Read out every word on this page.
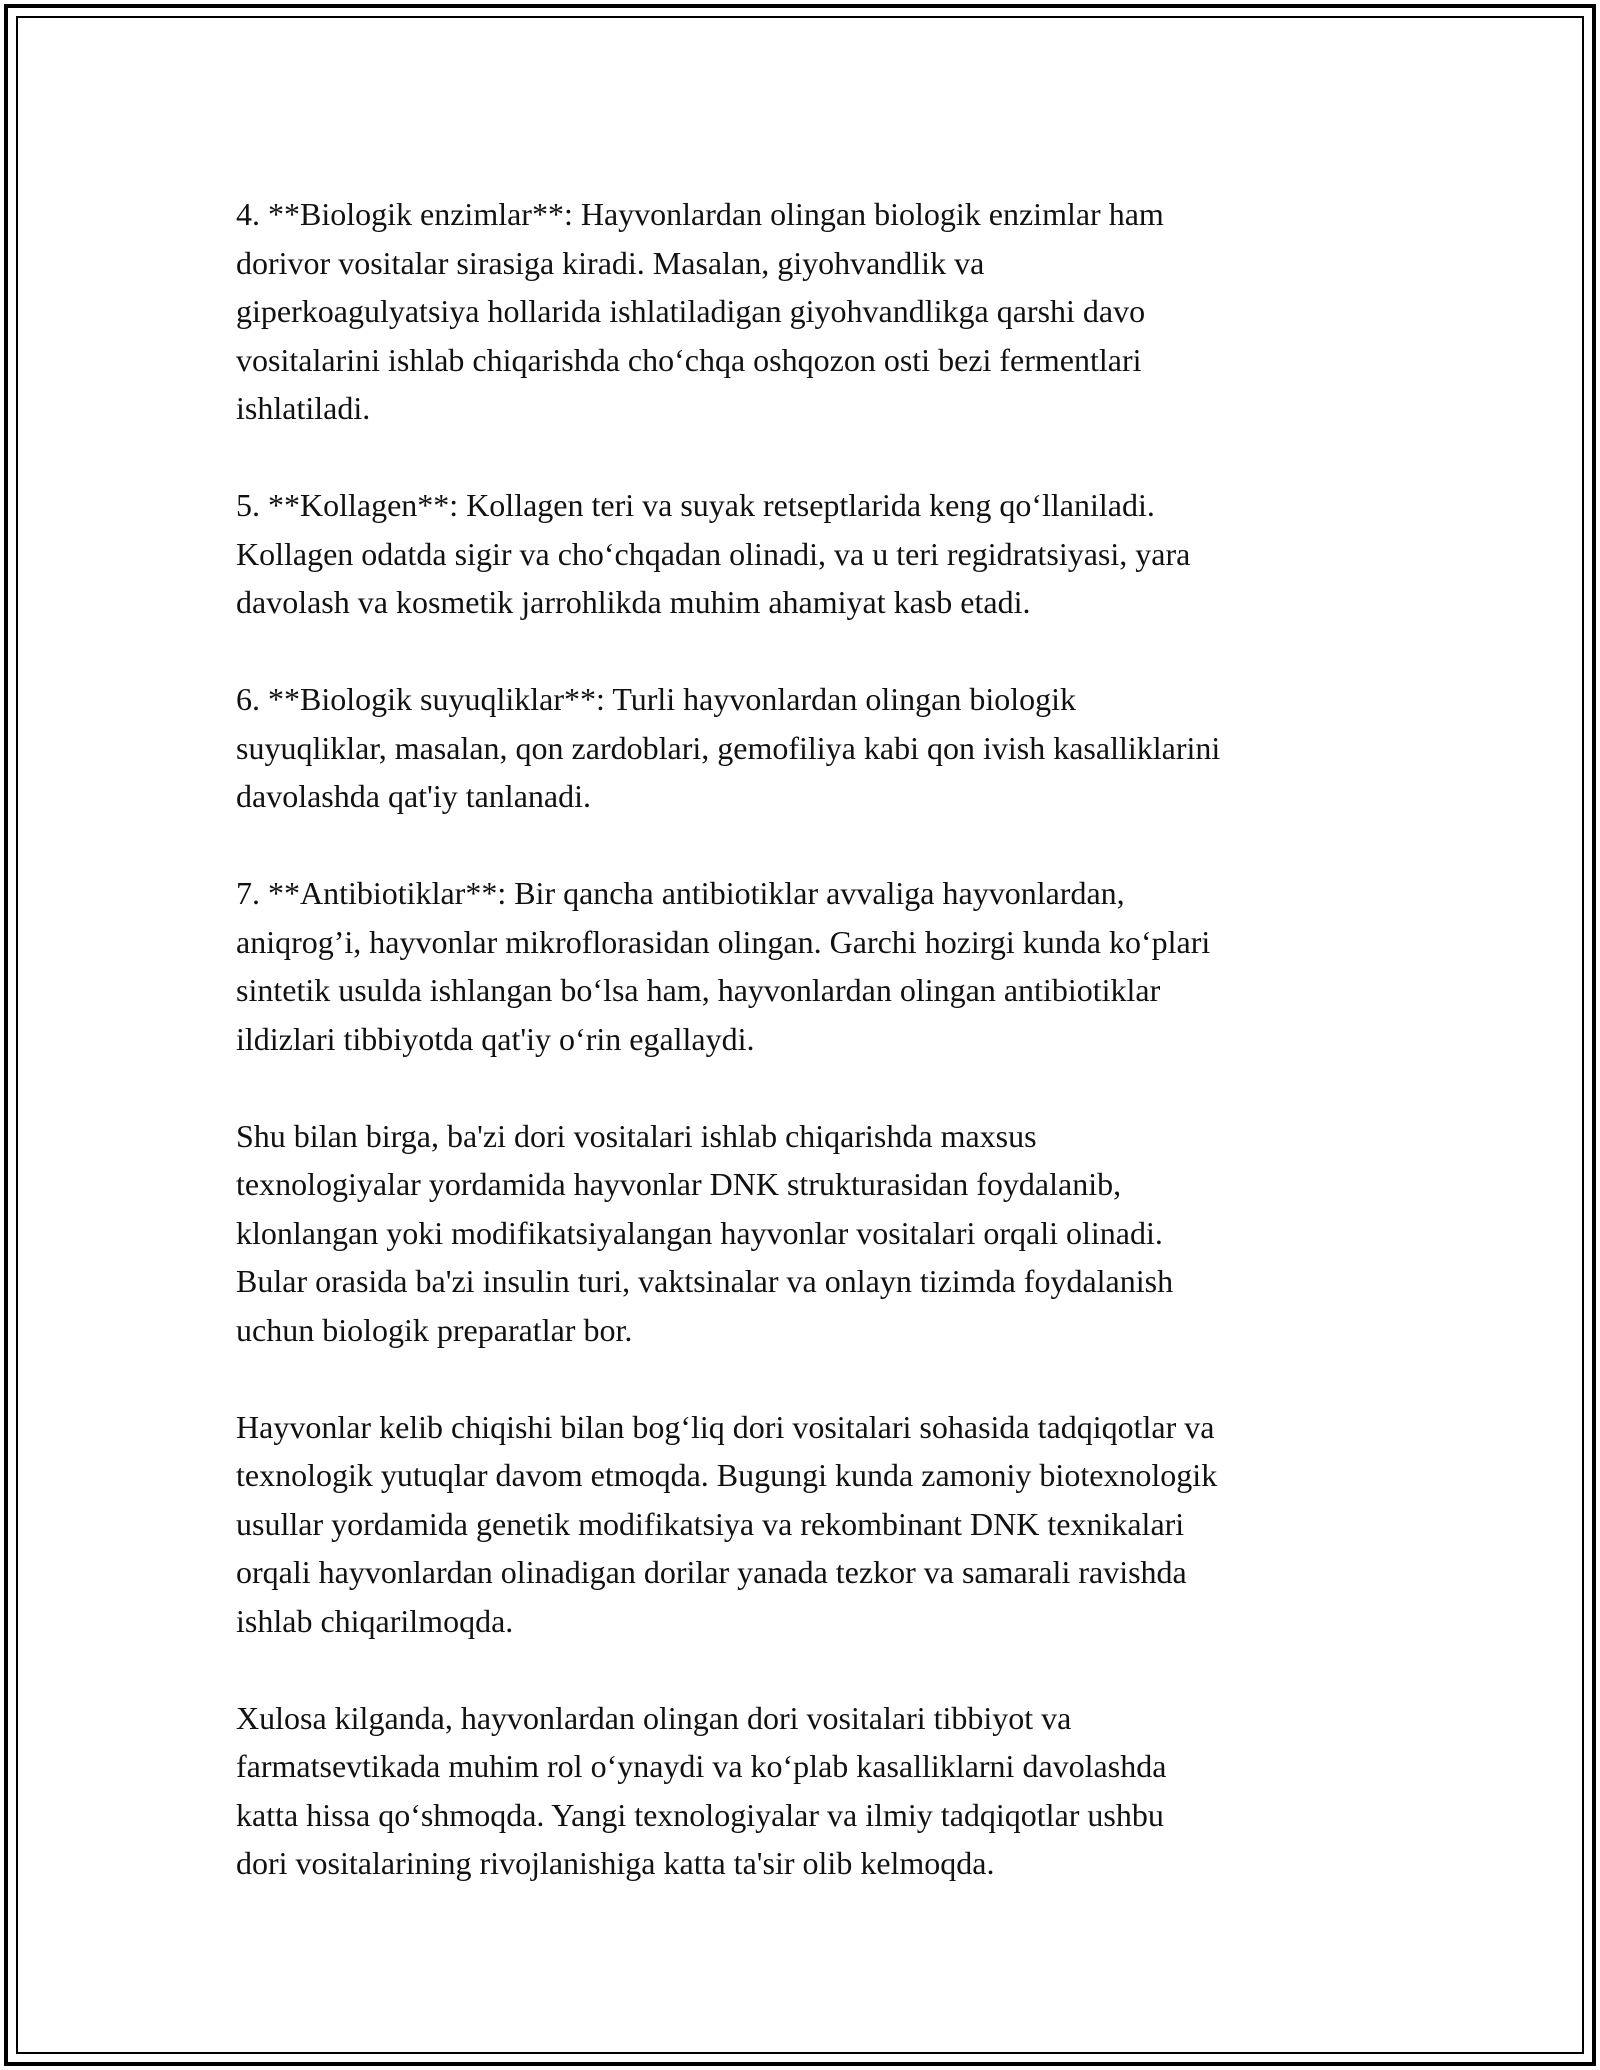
4. **Biologik enzimlar**: Hayvonlardan olingan biologik enzimlar ham
dorivor vositalar sirasiga kiradi. Masalan, giyohvandlik va
giperkoagulyatsiya hollarida ishlatiladigan giyohvandlikga qarshi davo
vositalarini ishlab chiqarishda cho‘chqa oshqozon osti bezi fermentlari
ishlatiladi.

5. **Kollagen**: Kollagen teri va suyak retseptlarida keng qo‘llaniladi.
Kollagen odatda sigir va cho‘chqadan olinadi, va u teri regidratsiyasi, yara
davolash va kosmetik jarrohlikda muhim ahamiyat kasb etadi.

6. **Biologik suyuqliklar**: Turli hayvonlardan olingan biologik
suyuqliklar, masalan, qon zardoblari, gemofiliya kabi qon ivish kasalliklarini
davolashda qat'iy tanlanadi.

7. **Antibiotiklar**: Bir qancha antibiotiklar avvaliga hayvonlardan,
aniqrog’i, hayvonlar mikroflorasidan olingan. Garchi hozirgi kunda ko‘plari
sintetik usulda ishlangan bo‘lsa ham, hayvonlardan olingan antibiotiklar
ildizlari tibbiyotda qat'iy o‘rin egallaydi.

Shu bilan birga, ba'zi dori vositalari ishlab chiqarishda maxsus
texnologiyalar yordamida hayvonlar DNK strukturasidan foydalanib,
klonlangan yoki modifikatsiyalangan hayvonlar vositalari orqali olinadi.
Bular orasida ba'zi insulin turi, vaktsinalar va onlayn tizimda foydalanish
uchun biologik preparatlar bor.

Hayvonlar kelib chiqishi bilan bog‘liq dori vositalari sohasida tadqiqotlar va
texnologik yutuqlar davom etmoqda. Bugungi kunda zamoniy biotexnologik
usullar yordamida genetik modifikatsiya va rekombinant DNK texnikalari
orqali hayvonlardan olinadigan dorilar yanada tezkor va samarali ravishda
ishlab chiqarilmoqda.

Xulosa kilganda, hayvonlardan olingan dori vositalari tibbiyot va
farmatsevtikada muhim rol o‘ynaydi va ko‘plab kasalliklarni davolashda
katta hissa qo‘shmoqda. Yangi texnologiyalar va ilmiy tadqiqotlar ushbu
dori vositalarining rivojlanishiga katta ta'sir olib kelmoqda.
